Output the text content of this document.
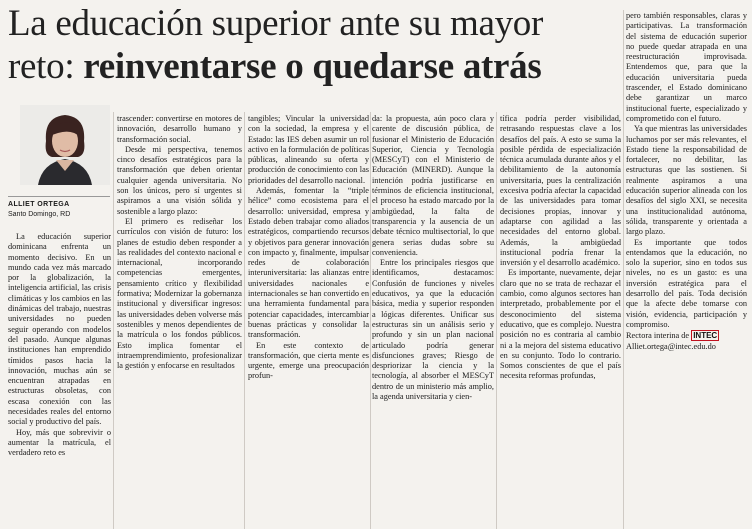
La educación superior ante su mayor
reto: reinventarse o quedarse atrás
ALLIET ORTEGA
Santo Domingo, RD

La educación superior dominicana enfrenta un momento decisivo. En un mundo cada vez más marcado por la globalización, la inteligencia artificial, las crisis climáticas y los cambios en las dinámicas del trabajo, nuestras universidades no pueden seguir operando con modelos del pasado. Aunque algunas instituciones han emprendido tímidos pasos hacia la innovación, muchas aún se encuentran atrapadas en estructuras obsoletas, con escasa conexión con las necesidades reales del entorno social y productivo del país.

Hoy, más que sobrevivir o aumentar la matrícula, el verdadero reto es

trascender: convertirse en motores de innovación, desarrollo humano y transformación social.

Desde mi perspectiva, tenemos cinco desafíos estratégicos para la transformación que deben orientar cualquier agenda universitaria. No son los únicos, pero sí urgentes si aspiramos a una visión sólida y sostenible a largo plazo:

El primero es rediseñar los currículos con visión de futuro: los planes de estudio deben responder a las realidades del contexto nacional e internacional, incorporando competencias emergentes, pensamiento crítico y flexibilidad formativa; Modernizar la gobernanza institucional y diversificar ingresos: las universidades deben volverse más sostenibles y menos dependientes de la matrícula o los fondos públicos. Esto implica fomentar el intraemprendimiento, profesionalizar la gestión y enfocarse en resultados

tangibles; Vincular la universidad con la sociedad, la empresa y el Estado: las IES deben asumir un rol activo en la formulación de políticas públicas, alineando su oferta y producción de conocimiento con las prioridades del desarrollo nacional.

Además, fomentar la “triple hélice” como ecosistema para el desarrollo: universidad, empresa y Estado deben trabajar como aliados estratégicos, compartiendo recursos y objetivos para generar innovación con impacto y, finalmente, impulsar redes de colaboración interuniversitaria: las alianzas entre universidades nacionales e internacionales se han convertido en una herramienta fundamental para potenciar capacidades, intercambiar buenas prácticas y consolidar la transformación.

En este contexto de transformación, que cierta mente es urgente, emerge una preocupación profun-

da: la propuesta, aún poco clara y carente de discusión pública, de fusionar el Ministerio de Educación Superior, Ciencia y Tecnología (MESCyT) con el Ministerio de Educación (MINERD). Aunque la intención podría justificarse en términos de eficiencia institucional, el proceso ha estado marcado por la ambigüedad, la falta de transparencia y la ausencia de un debate técnico multisectorial, lo que genera serias dudas sobre su conveniencia.

Entre los principales riesgos que identificamos, destacamos: Confusión de funciones y niveles educativos, ya que la educación básica, media y superior responden a lógicas diferentes. Unificar sus estructuras sin un análisis serio y profundo y sin un plan nacional articulado podría generar disfunciones graves; Riesgo de despriorizar la ciencia y la tecnología, al absorber el MESCyT dentro de un ministerio más amplio, la agenda universitaria y cien-

tífica podría perder visibilidad, retrasando respuestas clave a los desafíos del país. A esto se suma la posible pérdida de especialización técnica acumulada durante años y el debilitamiento de la autonomía universitaria, pues la centralización excesiva podría afectar la capacidad de las universidades para tomar decisiones propias, innovar y adaptarse con agilidad a las necesidades del entorno global. Además, la ambigüedad institucional podría frenar la inversión y el desarrollo académico.

Es importante, nuevamente, dejar claro que no se trata de rechazar el cambio, como algunos sectores han interpretado, probablemente por el desconocimiento del sistema educativo, que es complejo. Nuestra posición no es contraria al cambio ni a la mejora del sistema educativo en su conjunto. Todo lo contrario. Somos conscientes de que el país necesita reformas profundas,

pero también responsables, claras y participativas. La transformación del sistema de educación superior no puede quedar atrapada en una reestructuración improvisada. Entendemos que, para que la educación universitaria pueda trascender, el Estado dominicano debe garantizar un marco institucional fuerte, especializado y comprometido con el futuro.

Ya que mientras las universidades luchamos por ser más relevantes, el Estado tiene la responsabilidad de fortalecer, no debilitar, las estructuras que las sostienen. Si realmente aspiramos a una educación superior alineada con los desafíos del siglo XXI, se necesita una institucionalidad autónoma, sólida, transparente y orientada a largo plazo.

Es importante que todos entendamos que la educación, no solo la superior, sino en todos sus niveles, no es un gasto: es una inversión estratégica para el desarrollo del país. Toda decisión que la afecte debe tomarse con visión, evidencia, participación y compromiso.

Rectora interina de INTEC
Alliet.ortega@intec.edu.do
